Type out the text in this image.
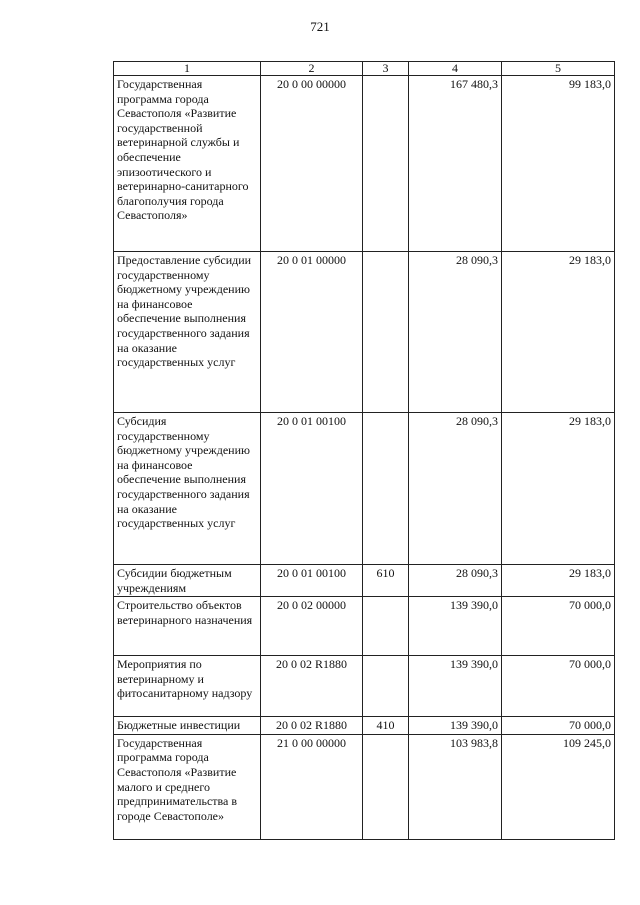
721
1	2	3	4	5
Государственная программа города Севастополя «Развитие государственной ветеринарной службы и обеспечение эпизоотического и ветеринарно-санитарного благополучия города Севастополя»	20 0 00 00000		167 480,3	99 183,0
Предоставление субсидии государственному бюджетному учреждению на финансовое обеспечение выполнения государственного задания на оказание государственных услуг	20 0 01 00000		28 090,3	29 183,0
Субсидия государственному бюджетному учреждению на финансовое обеспечение выполнения государственного задания на оказание государственных услуг	20 0 01 00100		28 090,3	29 183,0
Субсидии бюджетным учреждениям	20 0 01 00100	610	28 090,3	29 183,0
Строительство объектов ветеринарного назначения	20 0 02 00000		139 390,0	70 000,0
Мероприятия по ветеринарному и фитосанитарному надзору	20 0 02 R1880		139 390,0	70 000,0
Бюджетные инвестиции	20 0 02 R1880	410	139 390,0	70 000,0
Государственная программа города Севастополя «Развитие малого и среднего предпринимательства в городе Севастополе»	21 0 00 00000		103 983,8	109 245,0
